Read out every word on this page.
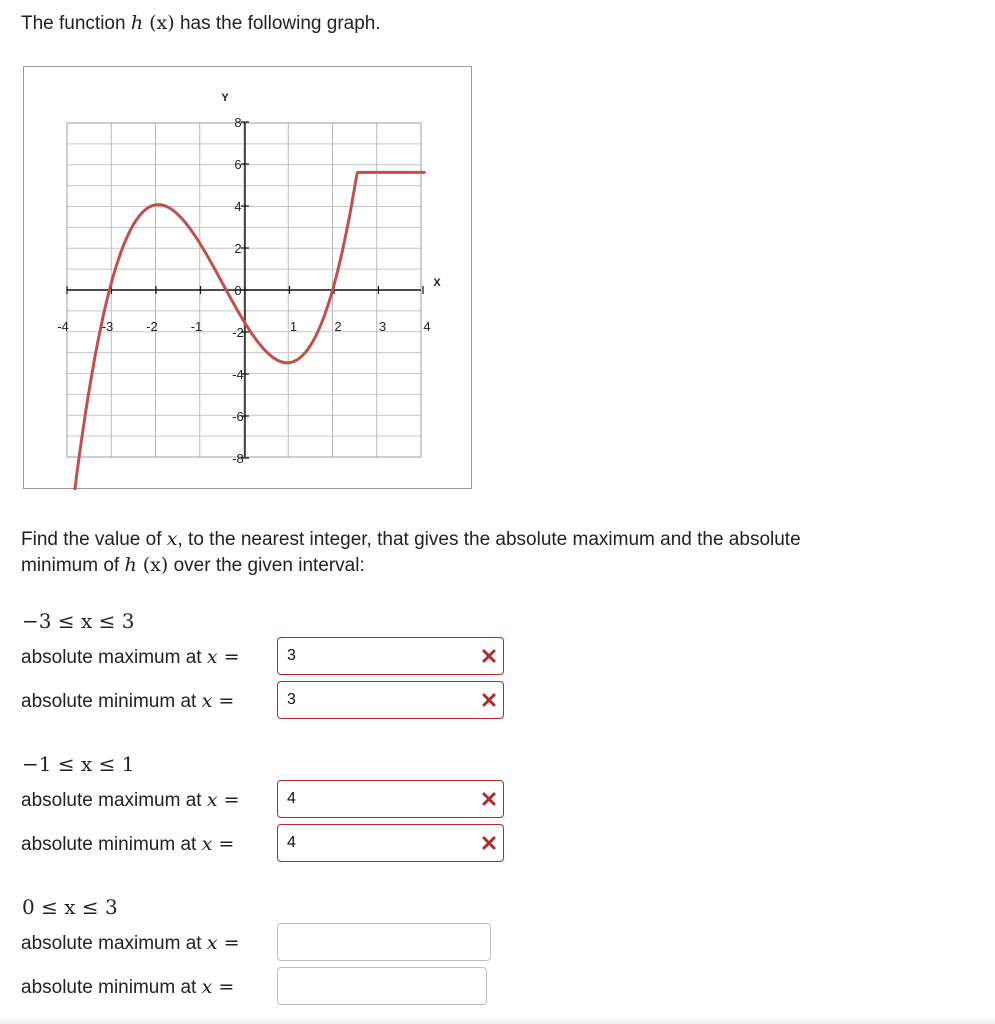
The function h (x) has the following graph.
-4	-3	-2	-1	1	2	3	4
8
6
4
2
0
-2
-4
-6
-8
Y
X
Find the value of x, to the nearest integer, that gives the absolute maximum and the absolute
minimum of h (x) over the given interval:
−3 ≤ x ≤ 3
absolute maximum at x =	3
absolute minimum at x =	3
−1 ≤ x ≤ 1
absolute maximum at x =	4
absolute minimum at x =	4
0 ≤ x ≤ 3
absolute maximum at x =
absolute minimum at x =
